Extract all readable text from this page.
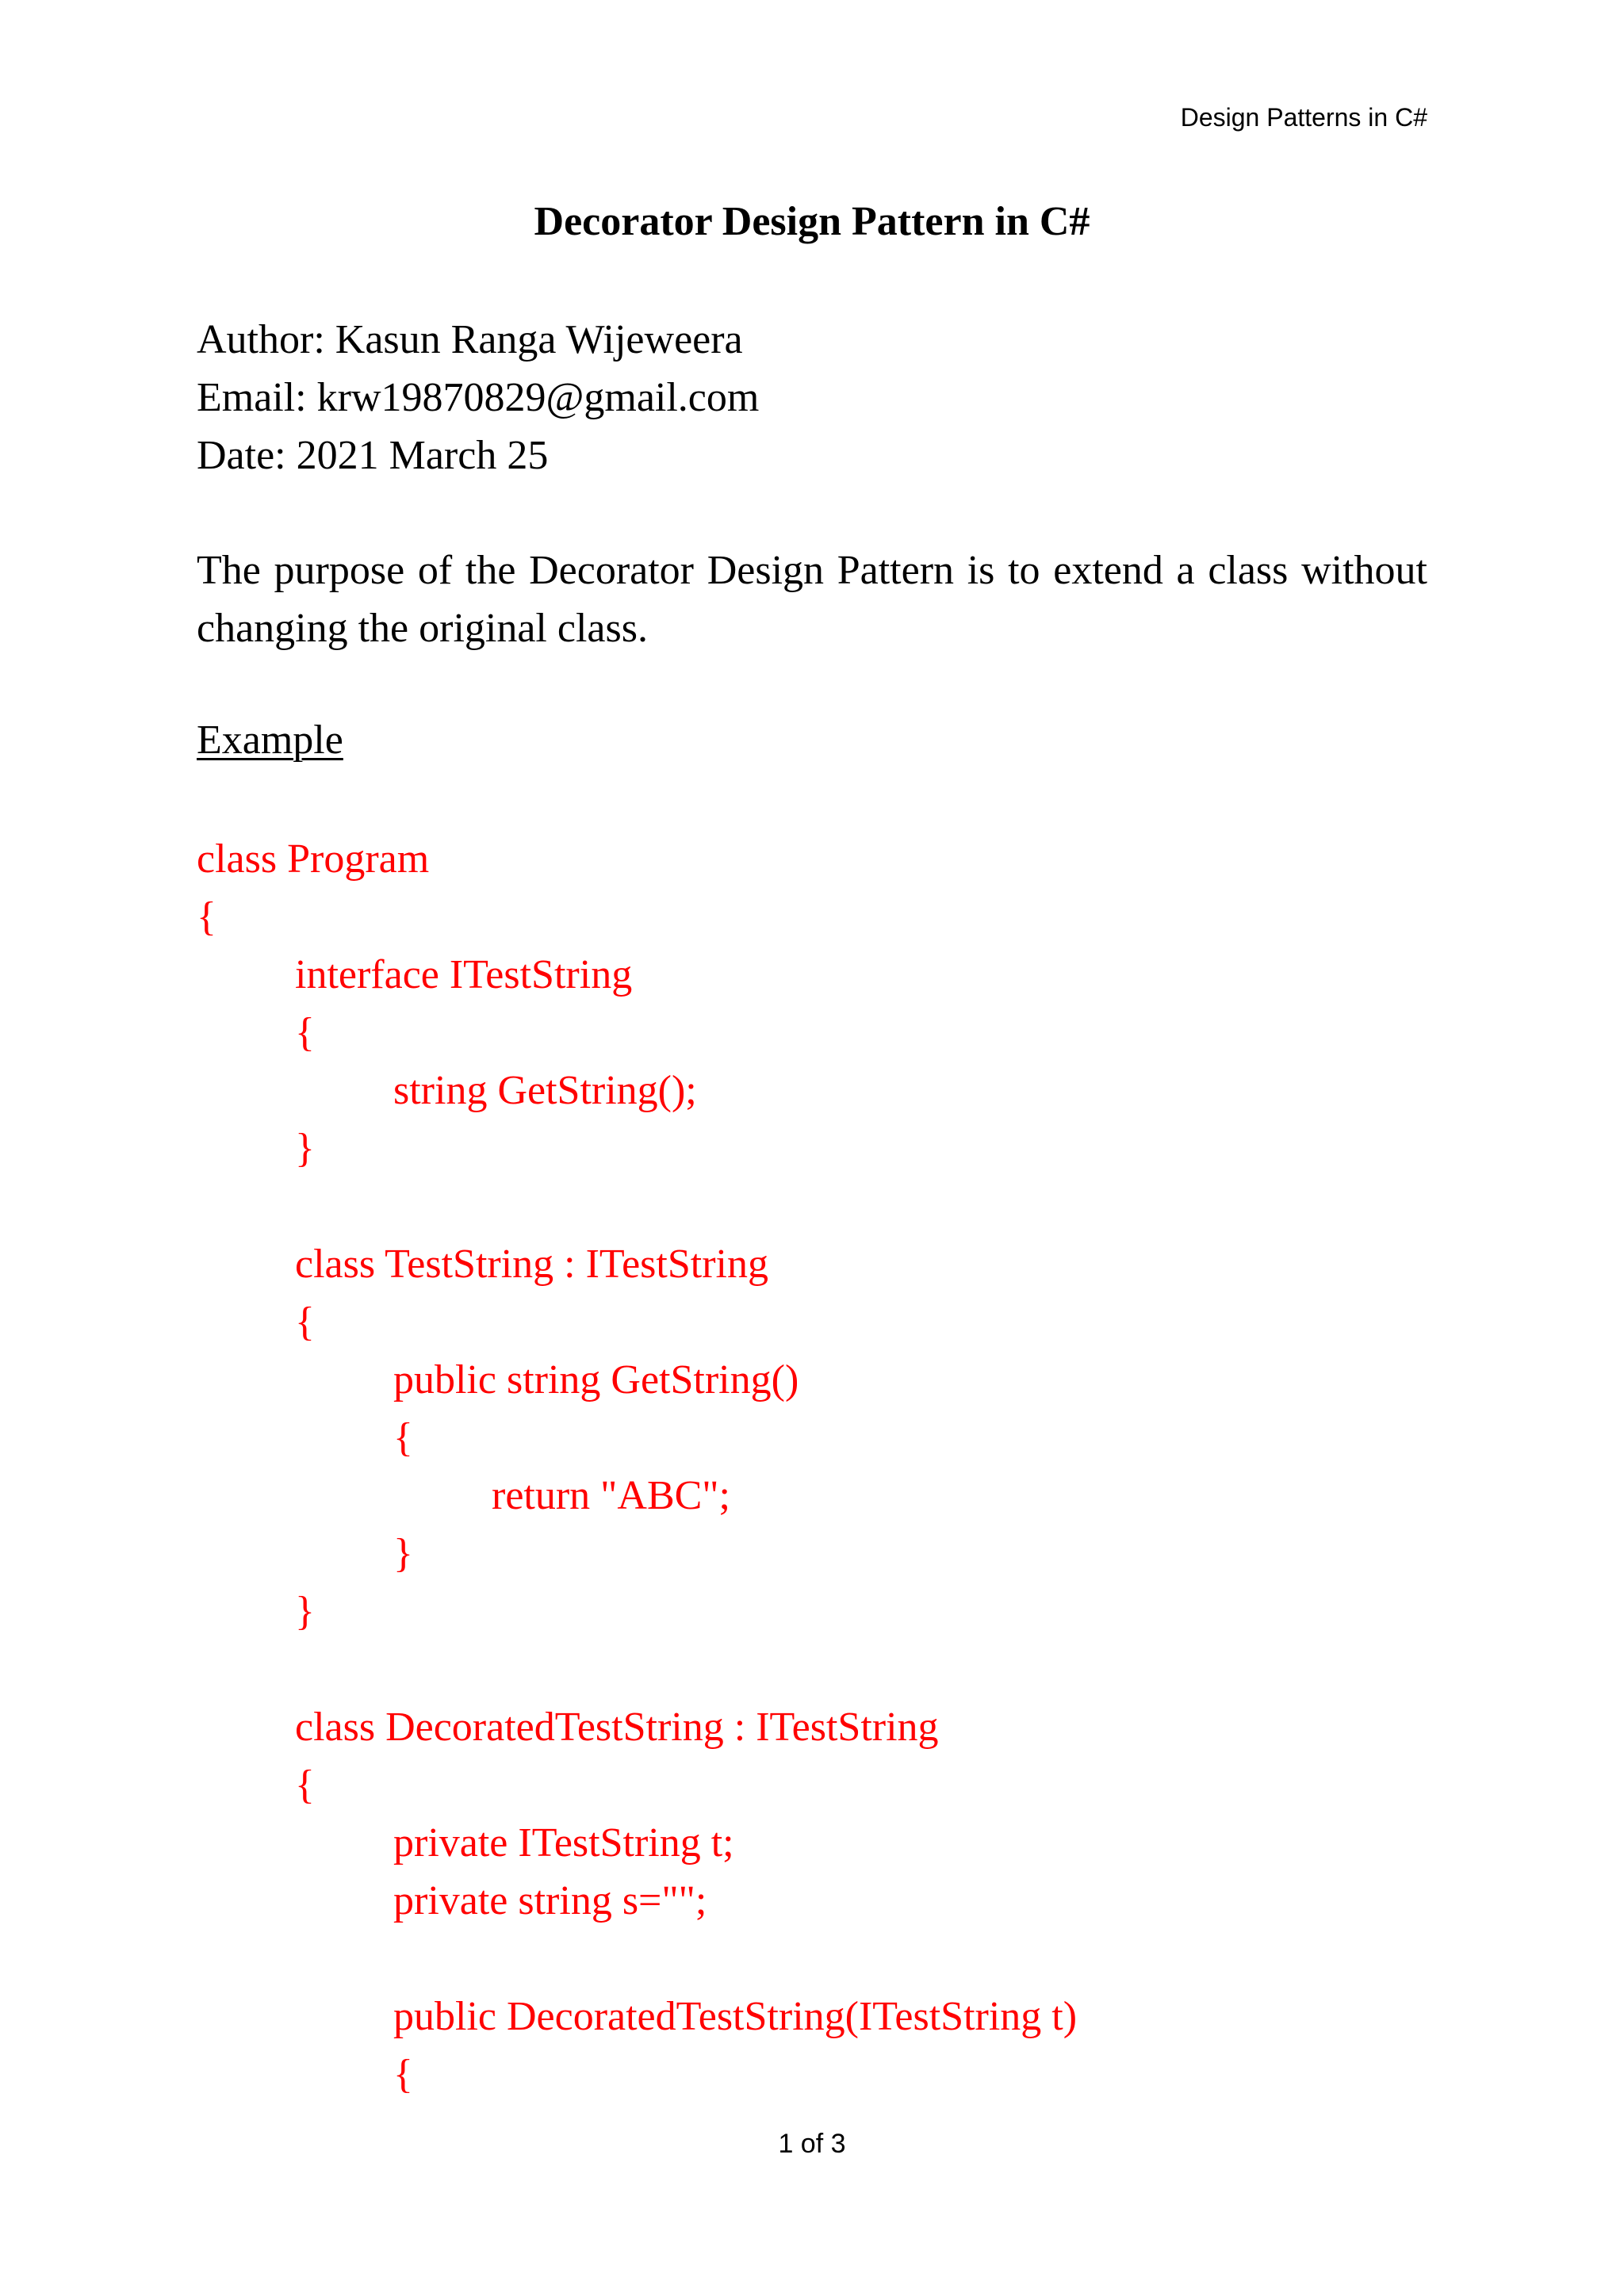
Design Patterns in C#
Decorator Design Pattern in C#
Author: Kasun Ranga Wijeweera
Email: krw19870829@gmail.com
Date: 2021 March 25
The purpose of the Decorator Design Pattern is to extend a class without changing the original class.
Example
class Program
{
interface ITestString
{
string GetString();
}
class TestString : ITestString
{
public string GetString()
{
return "ABC";
}
}
class DecoratedTestString : ITestString
{
private ITestString t;
private string s="";
public DecoratedTestString(ITestString t)
{
1 of 3
